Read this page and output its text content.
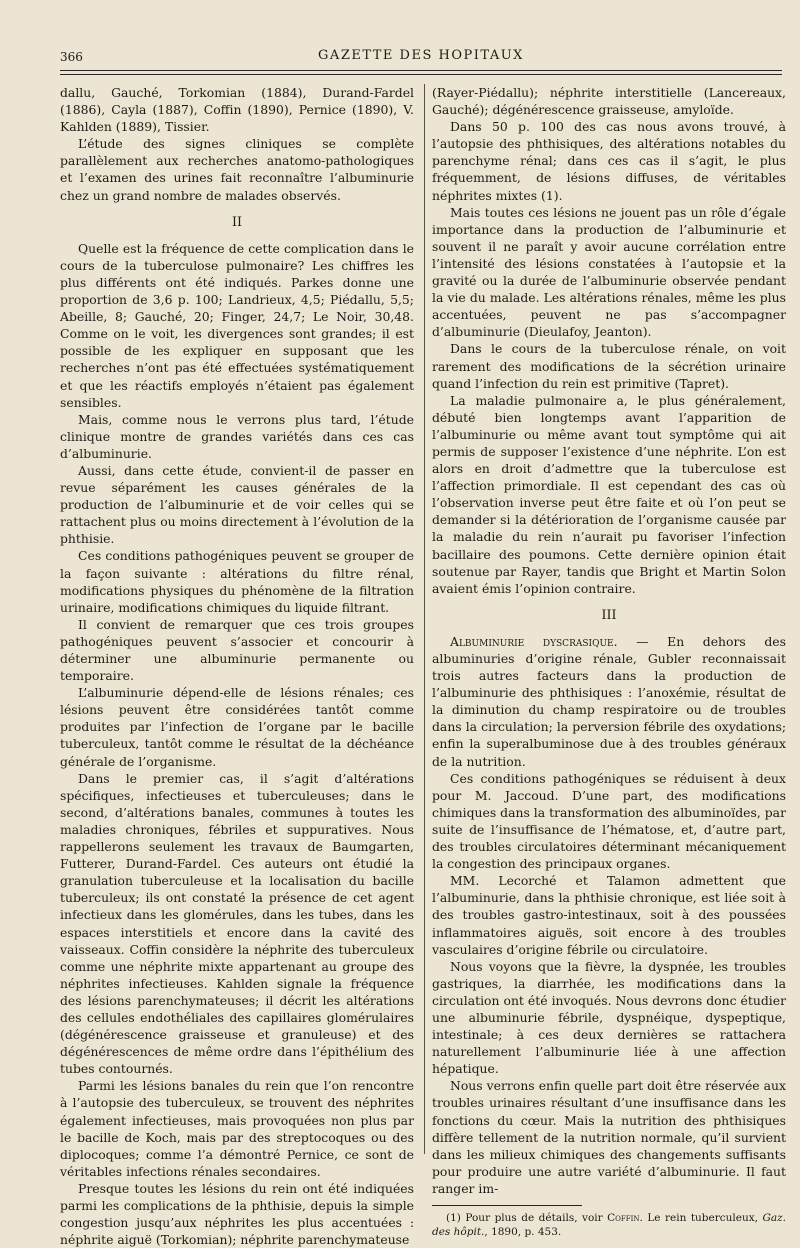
366	GAZETTE DES HOPITAUX

dallu, Gauché, Torkomian (1884), Durand-Fardel (1886), Cayla (1887), Coffin (1890), Pernice (1890), V. Kahlden (1889), Tissier.

L’étude des signes cliniques se complète parallèlement aux recherches anatomo-pathologiques et l’examen des urines fait reconnaître l’albuminurie chez un grand nombre de malades observés.

II

Quelle est la fréquence de cette complication dans le cours de la tuberculose pulmonaire? Les chiffres les plus différents ont été indiqués. Parkes donne une proportion de 3,6 p. 100; Landrieux, 4,5; Piédallu, 5,5; Abeille, 8; Gauché, 20; Finger, 24,7; Le Noir, 30,48. Comme on le voit, les divergences sont grandes; il est possible de les expliquer en supposant que les recherches n’ont pas été effectuées systématiquement et que les réactifs employés n’étaient pas également sensibles.

Mais, comme nous le verrons plus tard, l’étude clinique montre de grandes variétés dans ces cas d’albuminurie.

Aussi, dans cette étude, convient-il de passer en revue séparément les causes générales de la production de l’albuminurie et de voir celles qui se rattachent plus ou moins directement à l’évolution de la phthisie.

Ces conditions pathogéniques peuvent se grouper de la façon suivante : altérations du filtre rénal, modifications physiques du phénomène de la filtration urinaire, modifications chimiques du liquide filtrant.

Il convient de remarquer que ces trois groupes pathogéniques peuvent s’associer et concourir à déterminer une albuminurie permanente ou temporaire.

L’albuminurie dépend-elle de lésions rénales; ces lésions peuvent être considérées tantôt comme produites par l’infection de l’organe par le bacille tuberculeux, tantôt comme le résultat de la déchéance générale de l’organisme.

Dans le premier cas, il s’agit d’altérations spécifiques, infectieuses et tuberculeuses; dans le second, d’altérations banales, communes à toutes les maladies chroniques, fébriles et suppuratives. Nous rappellerons seulement les travaux de Baumgarten, Futterer, Durand-Fardel. Ces auteurs ont étudié la granulation tuberculeuse et la localisation du bacille tuberculeux; ils ont constaté la présence de cet agent infectieux dans les glomérules, dans les tubes, dans les espaces interstitiels et encore dans la cavité des vaisseaux. Coffin considère la néphrite des tuberculeux comme une néphrite mixte appartenant au groupe des néphrites infectieuses. Kahlden signale la fréquence des lésions parenchymateuses; il décrit les altérations des cellules endothéliales des capillaires glomérulaires (dégénérescence graisseuse et granuleuse) et des dégénérescences de même ordre dans l’épithélium des tubes contournés.

Parmi les lésions banales du rein que l’on rencontre à l’autopsie des tuberculeux, se trouvent des néphrites également infectieuses, mais provoquées non plus par le bacille de Koch, mais par des streptocoques ou des diplocoques; comme l’a démontré Pernice, ce sont de véritables infections rénales secondaires.

Presque toutes les lésions du rein ont été indiquées parmi les complications de la phthisie, depuis la simple congestion jusqu’aux néphrites les plus accentuées : néphrite aiguë (Torkomian); néphrite parenchymateuse

(Rayer-Piédallu); néphrite interstitielle (Lancereaux, Gauché); dégénérescence graisseuse, amyloïde.

Dans 50 p. 100 des cas nous avons trouvé, à l’autopsie des phthisiques, des altérations notables du parenchyme rénal; dans ces cas il s’agit, le plus fréquemment, de lésions diffuses, de véritables néphrites mixtes (1).

Mais toutes ces lésions ne jouent pas un rôle d’égale importance dans la production de l’albuminurie et souvent il ne paraît y avoir aucune corrélation entre l’intensité des lésions constatées à l’autopsie et la gravité ou la durée de l’albuminurie observée pendant la vie du malade. Les altérations rénales, même les plus accentuées, peuvent ne pas s’accompagner d’albuminurie (Dieulafoy, Jeanton).

Dans le cours de la tuberculose rénale, on voit rarement des modifications de la sécrétion urinaire quand l’infection du rein est primitive (Tapret).

La maladie pulmonaire a, le plus généralement, débuté bien longtemps avant l’apparition de l’albuminurie ou même avant tout symptôme qui ait permis de supposer l’existence d’une néphrite. L’on est alors en droit d’admettre que la tuberculose est l’affection primordiale. Il est cependant des cas où l’observation inverse peut être faite et où l’on peut se demander si la détérioration de l’organisme causée par la maladie du rein n’aurait pu favoriser l’infection bacillaire des poumons. Cette dernière opinion était soutenue par Rayer, tandis que Bright et Martin Solon avaient émis l’opinion contraire.

III

Albuminurie dyscrasique. — En dehors des albuminuries d’origine rénale, Gubler reconnaissait trois autres facteurs dans la production de l’albuminurie des phthisiques : l’anoxémie, résultat de la diminution du champ respiratoire ou de troubles dans la circulation; la perversion fébrile des oxydations; enfin la superalbuminose due à des troubles généraux de la nutrition.

Ces conditions pathogéniques se réduisent à deux pour M. Jaccoud. D’une part, des modifications chimiques dans la transformation des albuminoïdes, par suite de l’insuffisance de l’hématose, et, d’autre part, des troubles circulatoires déterminant mécaniquement la congestion des principaux organes.

MM. Lecorché et Talamon admettent que l’albuminurie, dans la phthisie chronique, est liée soit à des troubles gastro-intestinaux, soit à des poussées inflammatoires aiguës, soit encore à des troubles vasculaires d’origine fébrile ou circulatoire.

Nous voyons que la fièvre, la dyspnée, les troubles gastriques, la diarrhée, les modifications dans la circulation ont été invoqués. Nous devrons donc étudier une albuminurie fébrile, dyspnéique, dyspeptique, intestinale; à ces deux dernières se rattachera naturellement l’albuminurie liée à une affection hépatique.

Nous verrons enfin quelle part doit être réservée aux troubles urinaires résultant d’une insuffisance dans les fonctions du cœur. Mais la nutrition des phthisiques diffère tellement de la nutrition normale, qu’il survient dans les milieux chimiques des changements suffisants pour produire une autre variété d’albuminurie. Il faut ranger im-

(1) Pour plus de détails, voir Coffin. Le rein tuberculeux, Gaz. des hôpit., 1890, p. 453.
